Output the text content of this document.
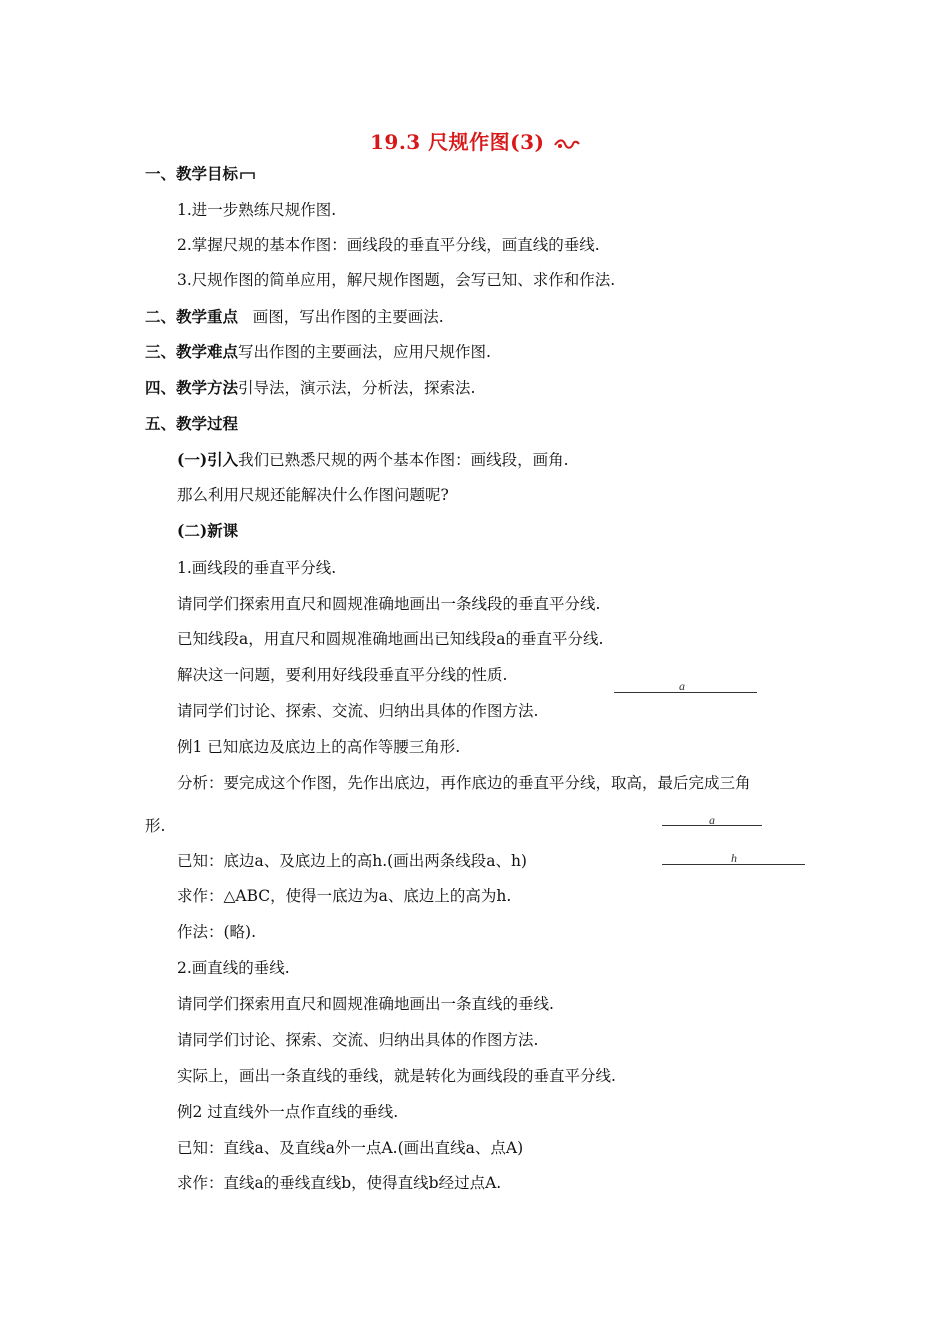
19.3 尺规作图(3)
一、教学目标
1.进一步熟练尺规作图.
2.掌握尺规的基本作图：画线段的垂直平分线，画直线的垂线.
3.尺规作图的简单应用，解尺规作图题，会写已知、求作和作法.
二、教学重点 画图，写出作图的主要画法.
三、教学难点写出作图的主要画法，应用尺规作图.
四、教学方法引导法，演示法，分析法，探索法.
五、教学过程
(一)引入我们已熟悉尺规的两个基本作图：画线段，画角.
那么利用尺规还能解决什么作图问题呢?
(二)新课
1.画线段的垂直平分线.
请同学们探索用直尺和圆规准确地画出一条线段的垂直平分线.
已知线段a，用直尺和圆规准确地画出已知线段a的垂直平分线.
解决这一问题，要利用好线段垂直平分线的性质.
请同学们讨论、探索、交流、归纳出具体的作图方法.
例1 已知底边及底边上的高作等腰三角形.
分析：要完成这个作图，先作出底边，再作底边的垂直平分线，取高，最后完成三角
形.
已知：底边a、及底边上的高h.(画出两条线段a、h)
求作：△ABC，使得一底边为a、底边上的高为h.
作法：(略).
2.画直线的垂线.
请同学们探索用直尺和圆规准确地画出一条直线的垂线.
请同学们讨论、探索、交流、归纳出具体的作图方法.
实际上，画出一条直线的垂线，就是转化为画线段的垂直平分线.
例2 过直线外一点作直线的垂线.
已知：直线a、及直线a外一点A.(画出直线a、点A)
求作：直线a的垂线直线b，使得直线b经过点A.
a
a
h
